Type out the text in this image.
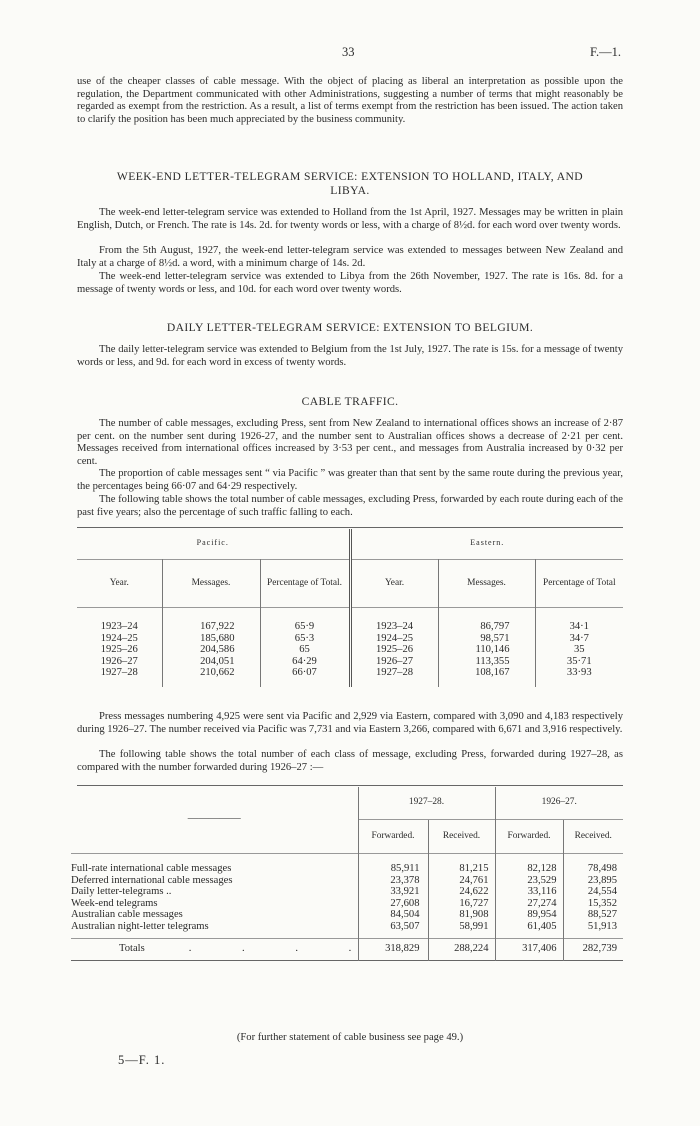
33	F.—1.

use of the cheaper classes of cable message. With the object of placing as liberal an interpretation as possible upon the regulation, the Department communicated with other Administrations, suggesting a number of terms that might reasonably be regarded as exempt from the restriction. As a result, a list of terms exempt from the restriction has been issued. The action taken to clarify the position has been much appreciated by the business community.

WEEK-END LETTER-TELEGRAM SERVICE: EXTENSION TO HOLLAND, ITALY, AND

LIBYA.

The week-end letter-telegram service was extended to Holland from the 1st April, 1927. Messages may be written in plain English, Dutch, or French. The rate is 14s. 2d. for twenty words or less, with a charge of 8½d. for each word over twenty words.

From the 5th August, 1927, the week-end letter-telegram service was extended to messages between New Zealand and Italy at a charge of 8½d. a word, with a minimum charge of 14s. 2d.

The week-end letter-telegram service was extended to Libya from the 26th November, 1927. The rate is 16s. 8d. for a message of twenty words or less, and 10d. for each word over twenty words.

DAILY LETTER-TELEGRAM SERVICE: EXTENSION TO BELGIUM.

The daily letter-telegram service was extended to Belgium from the 1st July, 1927. The rate is 15s. for a message of twenty words or less, and 9d. for each word in excess of twenty words.

CABLE TRAFFIC.

The number of cable messages, excluding Press, sent from New Zealand to international offices shows an increase of 2·87 per cent. on the number sent during 1926-27, and the number sent to Australian offices shows a decrease of 2·21 per cent. Messages received from international offices increased by 3·53 per cent., and messages from Australia increased by 0·32 per cent.

The proportion of cable messages sent “ via Pacific ” was greater than that sent by the same route during the previous year, the percentages being 66·07 and 64·29 respectively.

The following table shows the total number of cable messages, excluding Press, forwarded by each route during each of the past five years; also the percentage of such traffic falling to each.

Pacific.			Eastern.		
Year.	Messages.	Percentage of Total.	Year.	Messages.	Percentage of Total

1923–24	167,922	65·9	1923–24	86,797	34·1
1924–25	185,680	65·3	1924–25	98,571	34·7
1925–26	204,586	65	1925–26	110,146	35
1926–27	204,051	64·29	1926–27	113,355	35·71
1927–28	210,662	66·07	1927–28	108,167	33·93

Press messages numbering 4,925 were sent via Pacific and 2,929 via Eastern, compared with 3,090 and 4,183 respectively during 1926–27. The number received via Pacific was 7,731 and via Eastern 3,266, compared with 6,671 and 3,916 respectively.

The following table shows the total number of each class of message, excluding Press, forwarded during 1927–28, as compared with the number forwarded during 1926–27 :—

—————	1927–28.		1926–27.	
	Forwarded.	Received.	Forwarded.	Received.

Full-rate international cable messages	85,911	81,215	82,128	78,498
Deferred international cable messages	23,378	24,761	23,529	23,895
Daily letter-telegrams ..	33,921	24,622	33,116	24,554
Week-end telegrams	27,608	16,727	27,274	15,352
Australian cable messages	84,504	81,908	89,954	88,527
Australian night-letter telegrams	63,507	58,991	61,405	51,913

Totals . . . .	318,829	288,224	317,406	282,739
(For further statement of cable business see page 49.)
5—F. 1.
